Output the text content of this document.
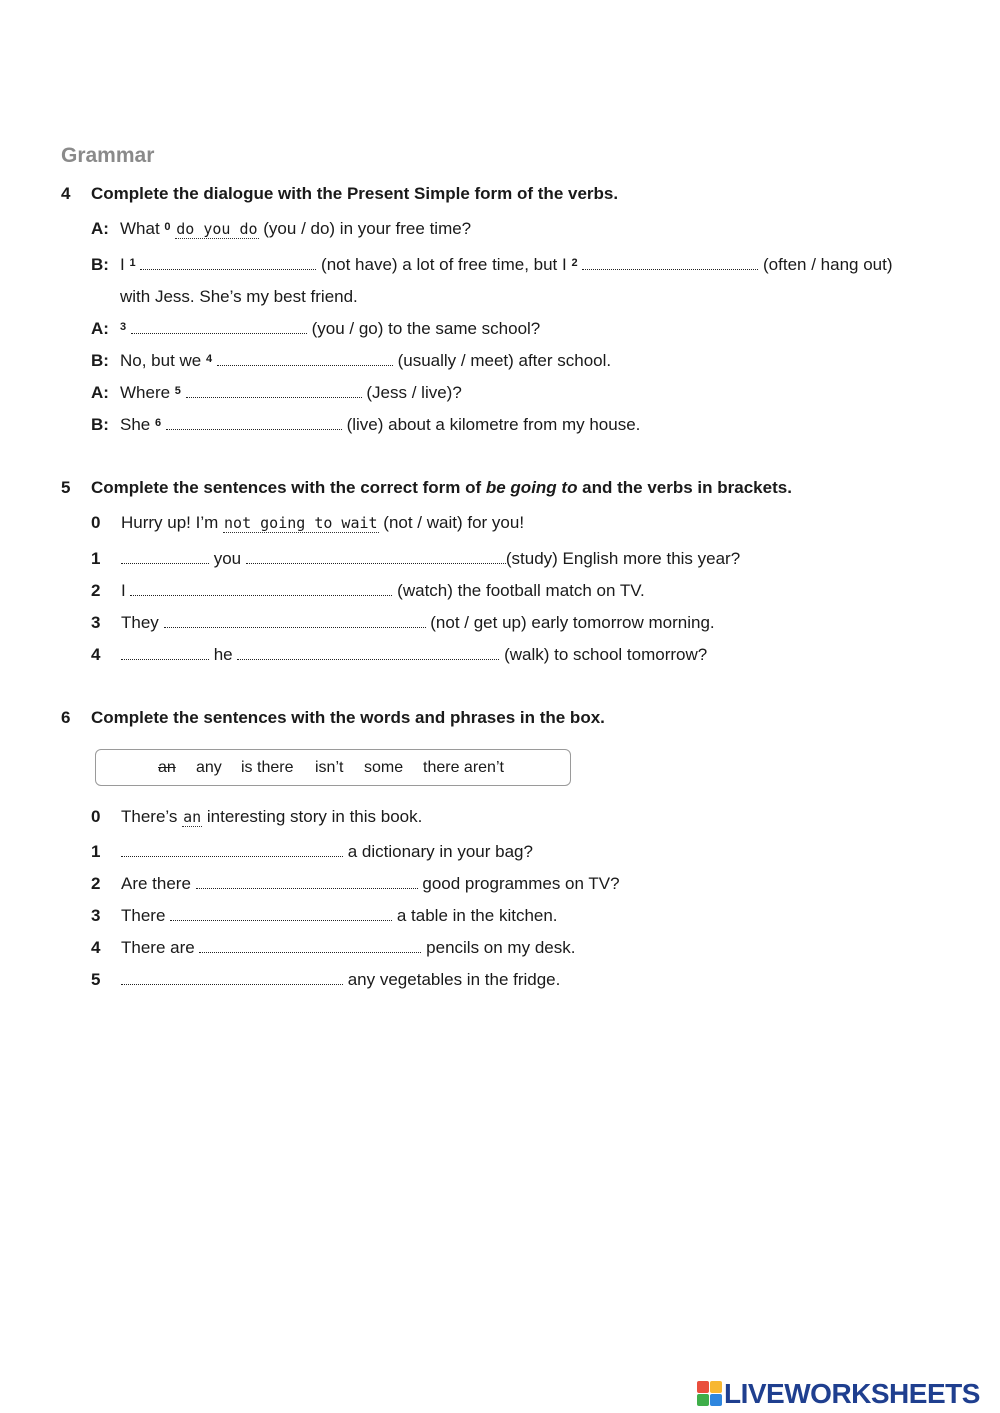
Grammar
4 Complete the dialogue with the Present Simple form of the verbs.
A: What $^0$ do you do (you / do) in your free time?
B: I $^1$	(not have) a lot of free time, but I $^2$	(often / hang out)
with Jess. She’s my best friend.
A: $^3$	(you / go) to the same school?
B: No, but we $^4$	(usually / meet) after school.
A: Where $^5$	(Jess / live)?
B: She $^6$	(live) about a kilometre from my house.
5 Complete the sentences with the correct form of be going to and the verbs in brackets.
0 Hurry up! I’m not going to wait (not / wait) for you!
1	you	(study) English more this year?
2 I	(watch) the football match on TV.
3 They	(not / get up) early tomorrow morning.
4	he	(walk) to school tomorrow?
6 Complete the sentences with the words and phrases in the box.
an any is there isn’t some there aren’t
0 There’s an interesting story in this book.
1	a dictionary in your bag?
2 Are there	good programmes on TV?
3 There	a table in the kitchen.
4 There are	pencils on my desk.
5	any vegetables in the fridge.
LIVEWORKSHEETS
